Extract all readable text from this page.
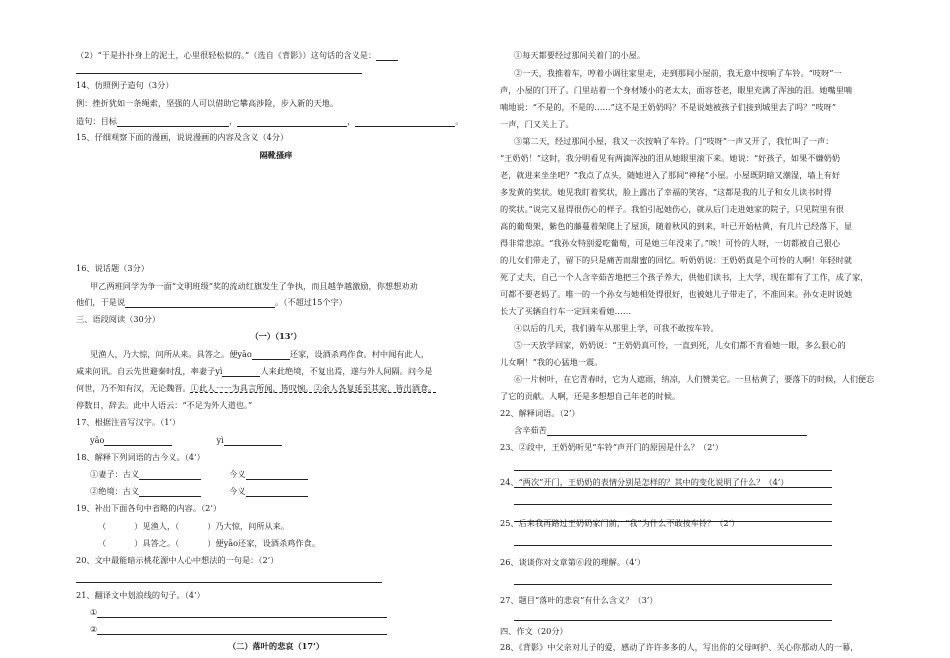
（2）“于是扑扑身上的泥土，心里很轻松似的。”（选自《背影》）这句话的含义是：
14、仿照例子造句（3分）
例：挫折犹如一条绳索，坚强的人可以借助它攀高涉险，步入新的天地。
造句：目标	，	，	。
15、仔细观察下面的漫画，说说漫画的内容及含义（4分）
隔靴搔痒
16、说话题（3分）
甲乙两班同学为争一面“文明班级”奖的流动红旗发生了争执，而且越争越激励，你想想劝劝
他们，于是说	。（不超过15个字）
三、语段阅读（30分）
（一）（13’）
见渔人，乃大惊，问所从来。具答之。便yāo	还家，设酒杀鸡作食。村中闻有此人，
咸来问讯。自云先世避秦时乱，率妻子yì	人来此绝境，不复出焉，遂与外人间隔。问今是
何世，乃不知有汉，无论魏晋。①此人一一为具言所闻，皆叹惋。②余人各复延至其家，皆出酒食。
停数日，辞去。此中人语云：“不足为外人道也。”
17、根据注音写汉字。（1’）
yāo	yì
18、解释下列词语的古今义。（4’）
①妻子：古义	今义
②绝境：古义	今义
19、补出下面各句中省略的内容。（2’）
（	）见渔人，（	）乃大惊，问所从来。
（	）具答之。（	）便yāo还家，设酒杀鸡作食。
20、文中最能暗示桃花源中人心中想法的一句是：（2’）
21、翻译文中划浪线的句子。（4’）
①
②
（二）落叶的悲哀（17’）
①每天都要经过那间关着门的小屋。
②一天，我推着车，哼着小调往家里走，走到那间小屋前，我无意中按响了车铃。“吱呀”一
声，小屋的门开了。门里站着一个身材矮小的老太太，面容苍老，眼里充满了浑浊的泪。她嘴里喃
喃地说：“不是的，不是的……”这不是王奶奶吗？不是说她被孩子们接到城里去了吗？“吱呀”
一声，门又关上了。
③第二天，经过那间小屋，我又一次按响了车铃。门“吱呀”一声又开了，我忙叫了一声：
“王奶奶！”这时，我分明看见有两滴浑浊的泪从她眼里滚下来。她说：“好孩子，如果不嫌奶奶
老，就进来坐坐吧？”我点了点头，随她进入了那间“神秘”小屋。小屋既阴暗又潮湿，墙上有好
多发黄的奖状。她见我盯着奖状，脸上露出了幸福的笑容，“这都是我的儿子和女儿读书时得
的奖状。”说完又显得很伤心的样子。我怕引起她伤心，就从后门走进她家的院子，只见院里有很
高的葡萄架，紫色的藤蔓着架爬上了屋顶，随着秋风的到来，叶已开始枯黄，有几片已经落下，显
得非常悲凉。“我孙女特别爱吃葡萄，可是她三年没来了。”唉！可怜的人呀，一切都被自己狠心
的儿女们带走了，留下的只是痛苦而甜蜜的回忆。听奶奶说：王奶奶真是个可怜的人啊！年轻时就
死了丈夫，自己一个人含辛茹苦地把三个孩子养大，供他们读书，上大学，现在都有了工作，成了家，
可都不要老妈了。唯一的一个孙女与她相处得很好，也被她儿子带走了，不准回来。孙女走时说她
长大了买辆自行车一定回来看她……
④以后的几天，我们骑车从那里上学，可我不敢按车铃。
⑤一天放学回家，奶奶说：“王奶奶真可怜，一直到死，儿女们都不肯看她一眼，多么狠心的
儿女啊！”我的心猛地一震。
⑥一片树叶，在它青春时，它为人遮雨，纳凉，人们赞美它。一旦枯黄了，要落下的时候，人们便忘
了它的贡献。人啊，还是多想想自己年老的时候。
22、解释词语。（2’）
含辛茹苦
23、②段中，王奶奶听见“车铃”声开门的原因是什么？（2’）
24、“两次”开门，王奶奶的表情分别是怎样的？其中的变化说明了什么？（4’）
25、后来我再路过王奶奶家门前，“我”为什么不敢按车铃？（2’）
26、谈谈你对文章第⑥段的理解。（4’）
27、题目“落叶的悲哀”有什么含义？（3’）
四、作文（20分）
28、《背影》中父亲对儿子的爱，感动了许许多多的人，写出你的父母呵护、关心你那动人的一幕，
